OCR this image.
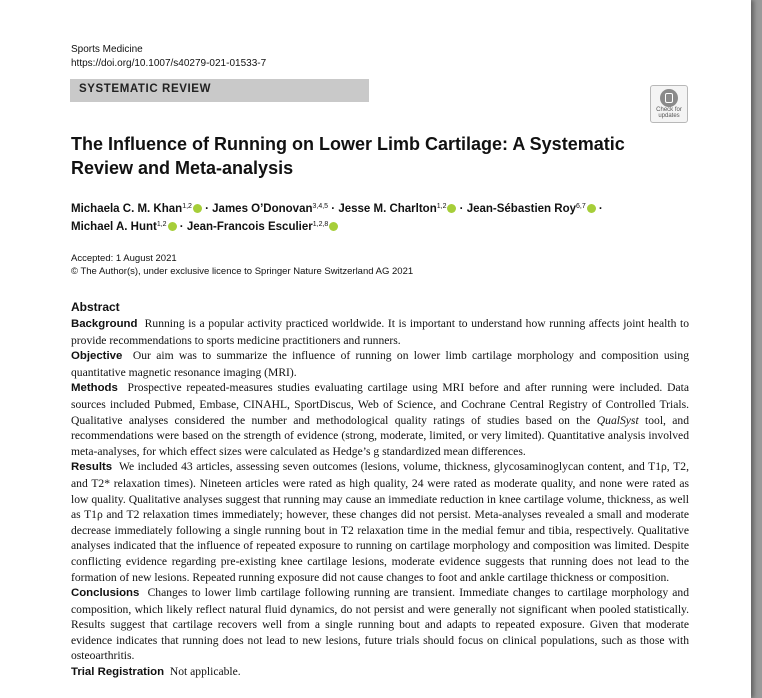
Sports Medicine
https://doi.org/10.1007/s40279-021-01533-7
SYSTEMATIC REVIEW
Check for
updates
The Influence of Running on Lower Limb Cartilage: A Systematic Review and Meta-analysis
Michaela C. M. Khan$^{1,2}$ · James O’Donovan$^{3,4,5}$ · Jesse M. Charlton$^{1,2}$ · Jean-Sébastien Roy$^{6,7}$ ·
Michael A. Hunt$^{1,2}$ · Jean-Francois Esculier$^{1,2,8}$
Accepted: 1 August 2021
© The Author(s), under exclusive licence to Springer Nature Switzerland AG 2021
Abstract

Background Running is a popular activity practiced worldwide. It is important to understand how running affects joint health to provide recommendations to sports medicine practitioners and runners.

Objective Our aim was to summarize the influence of running on lower limb cartilage morphology and composition using quantitative magnetic resonance imaging (MRI).

Methods Prospective repeated-measures studies evaluating cartilage using MRI before and after running were included. Data sources included Pubmed, Embase, CINAHL, SportDiscus, Web of Science, and Cochrane Central Registry of Controlled Trials. Qualitative analyses considered the number and methodological quality ratings of studies based on the QualSyst tool, and recommendations were based on the strength of evidence (strong, moderate, limited, or very limited). Quantitative analysis involved meta-analyses, for which effect sizes were calculated as Hedge’s g standardized mean differences.

Results We included 43 articles, assessing seven outcomes (lesions, volume, thickness, glycosaminoglycan content, and T1ρ, T2, and T2* relaxation times). Nineteen articles were rated as high quality, 24 were rated as moderate quality, and none were rated as low quality. Qualitative analyses suggest that running may cause an immediate reduction in knee cartilage volume, thickness, as well as T1ρ and T2 relaxation times immediately; however, these changes did not persist. Meta-analyses revealed a small and moderate decrease immediately following a single running bout in T2 relaxation time in the medial femur and tibia, respectively. Qualitative analyses indicated that the influence of repeated exposure to running on cartilage morphology and composition was limited. Despite conflicting evidence regarding pre-existing knee cartilage lesions, moderate evidence suggests that running does not lead to the formation of new lesions. Repeated running exposure did not cause changes to foot and ankle cartilage thickness or composition.

Conclusions Changes to lower limb cartilage following running are transient. Immediate changes to cartilage morphology and composition, which likely reflect natural fluid dynamics, do not persist and were generally not significant when pooled statistically. Results suggest that cartilage recovers well from a single running bout and adapts to repeated exposure. Given that moderate evidence indicates that running does not lead to new lesions, future trials should focus on clinical populations, such as those with osteoarthritis.

Trial Registration Not applicable.
